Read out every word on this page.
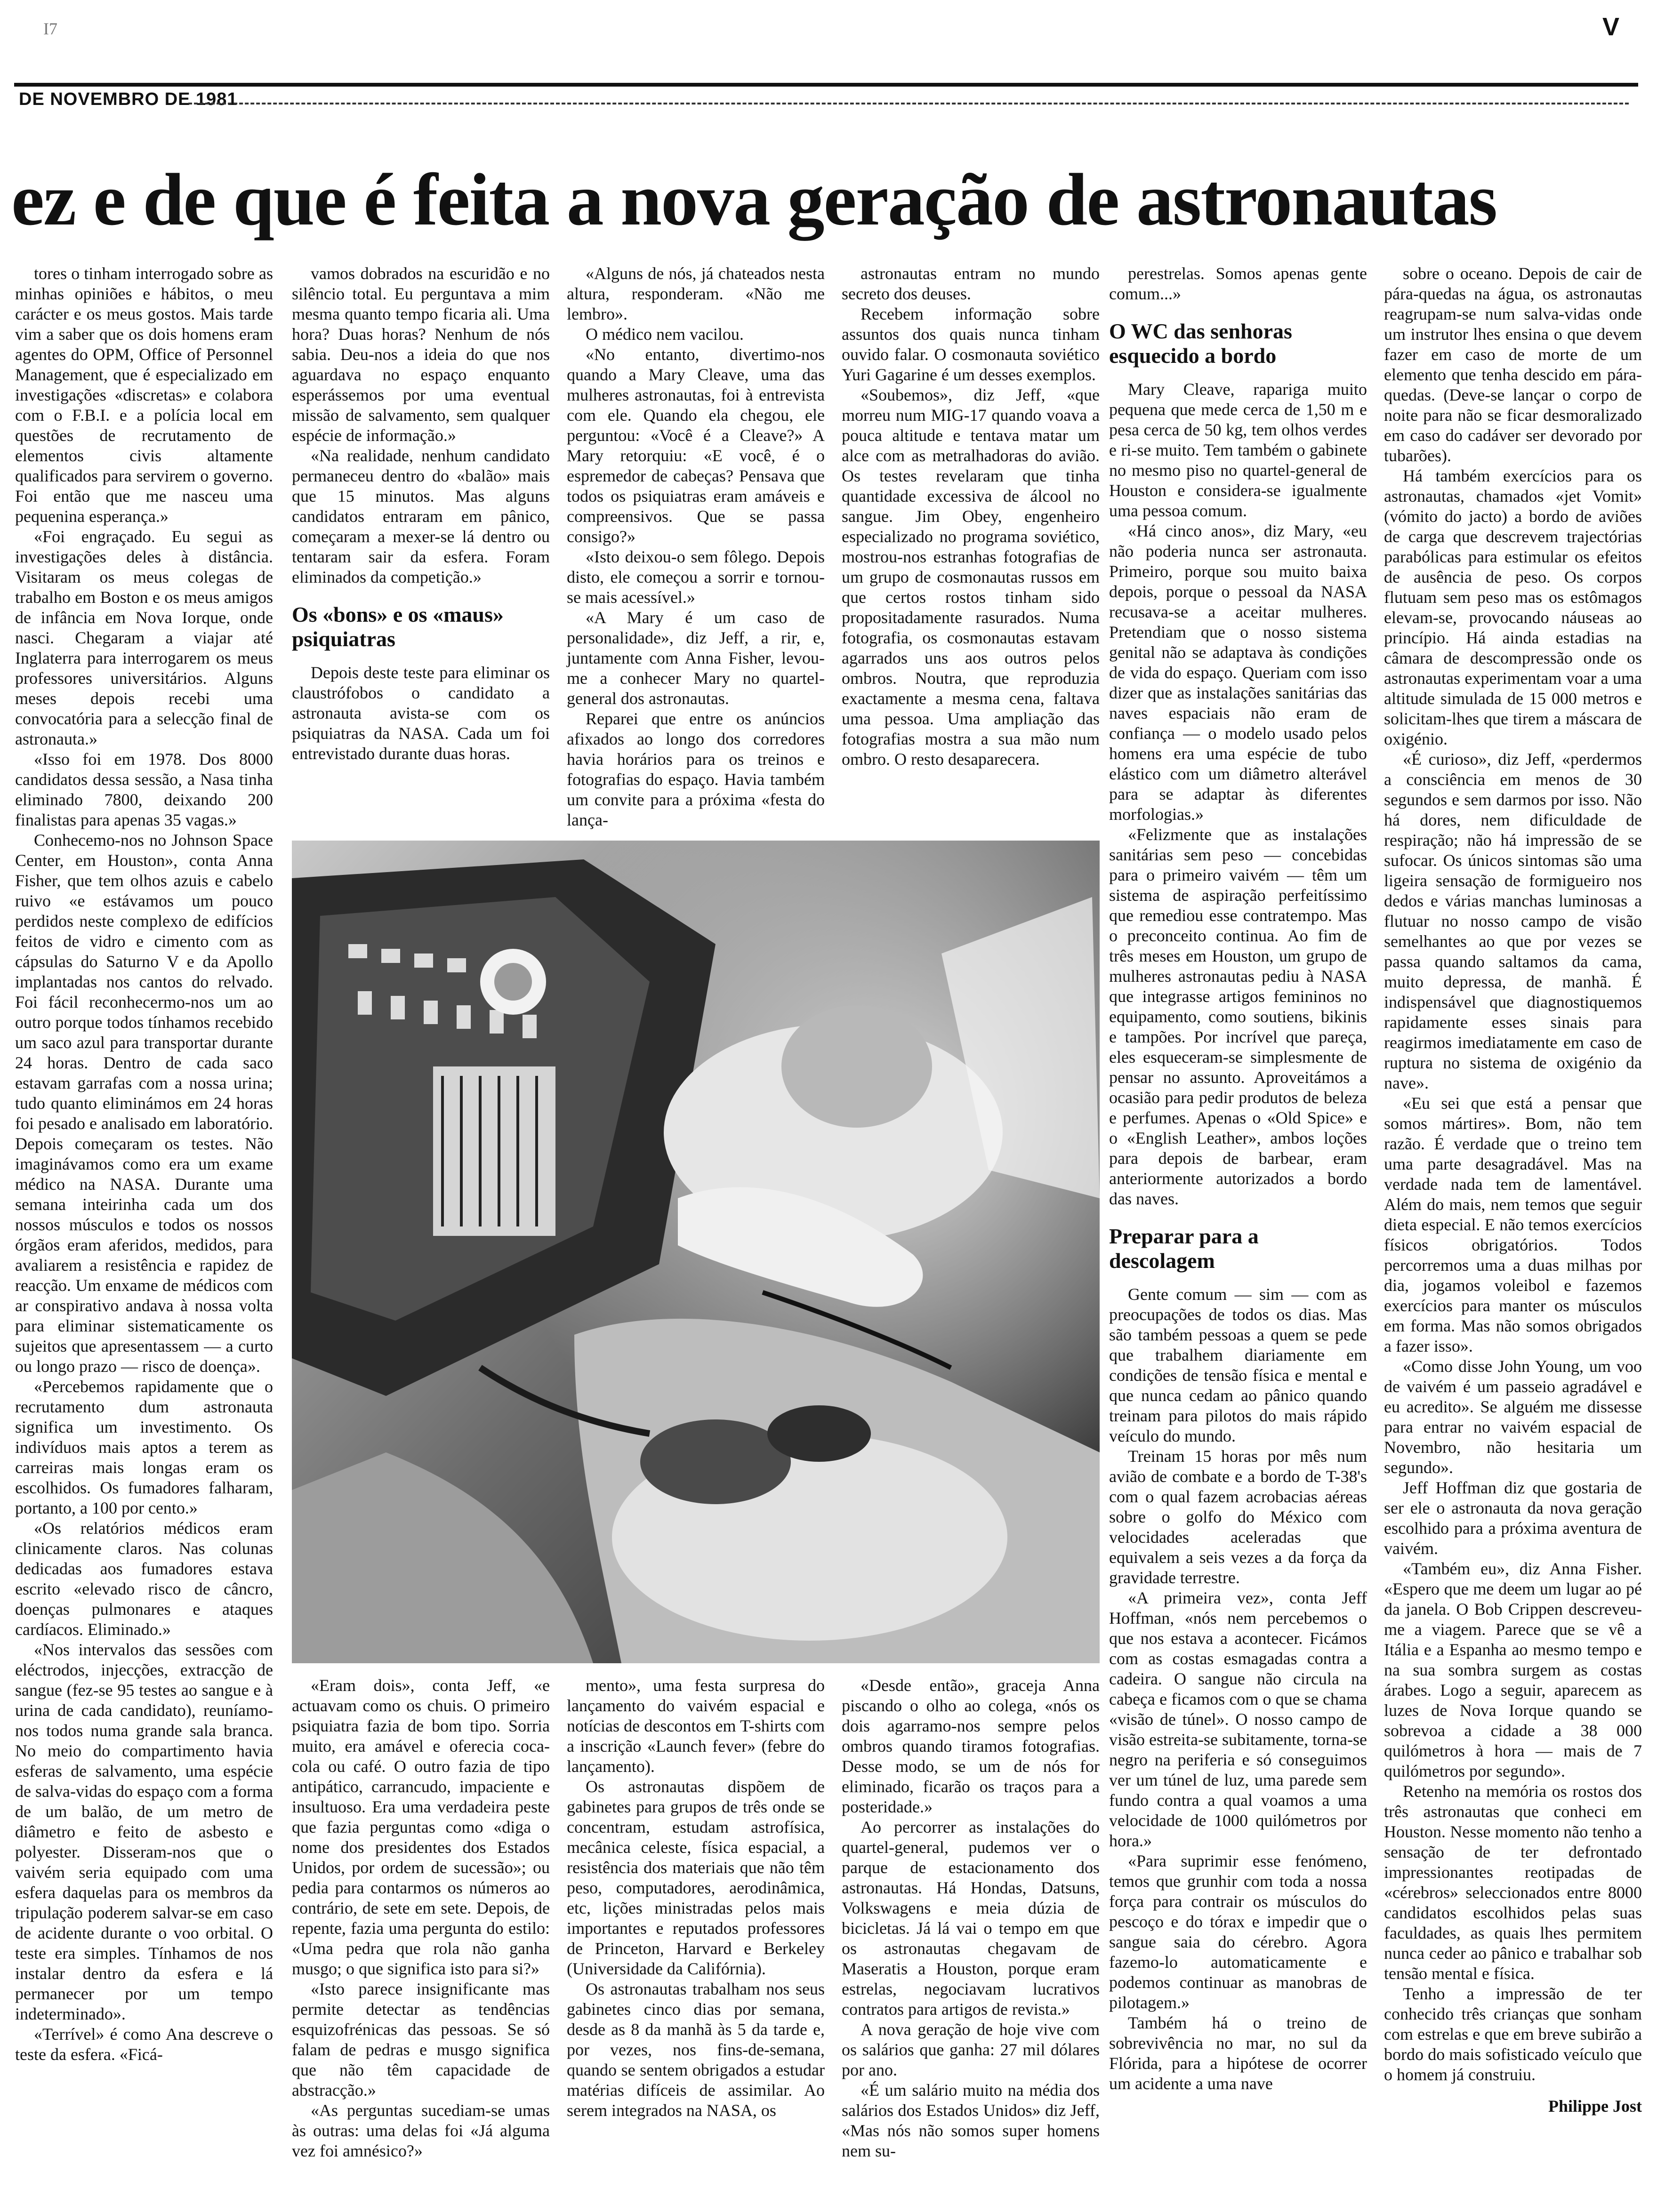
I7	V
DE NOVEMBRO DE 1981
ez e de que é feita a nova geração de astronautas

tores o tinham interrogado sobre as minhas opiniões e hábitos, o meu carácter e os meus gostos. Mais tarde vim a saber que os dois homens eram agentes do OPM, Office of Personnel Management, que é especializado em investigações «discretas» e colabora com o F.B.I. e a polícia local em questões de recrutamento de elementos civis altamente qualificados para servirem o governo. Foi então que me nasceu uma pequenina esperança.»

«Foi engraçado. Eu segui as investigações deles à distância. Visitaram os meus colegas de trabalho em Boston e os meus amigos de infância em Nova Iorque, onde nasci. Chegaram a viajar até Inglaterra para interrogarem os meus professores universitários. Alguns meses depois recebi uma convocatória para a selecção final de astronauta.»

«Isso foi em 1978. Dos 8000 candidatos dessa sessão, a Nasa tinha eliminado 7800, deixando 200 finalistas para apenas 35 vagas.»

Conhecemo-nos no Johnson Space Center, em Houston», conta Anna Fisher, que tem olhos azuis e cabelo ruivo «e estávamos um pouco perdidos neste complexo de edifícios feitos de vidro e cimento com as cápsulas do Saturno V e da Apollo implantadas nos cantos do relvado. Foi fácil reconhecermo-nos um ao outro porque todos tínhamos recebido um saco azul para transportar durante 24 horas. Dentro de cada saco estavam garrafas com a nossa urina; tudo quanto eliminámos em 24 horas foi pesado e analisado em laboratório. Depois começaram os testes. Não imaginávamos como era um exame médico na NASA. Durante uma semana inteirinha cada um dos nossos músculos e todos os nossos órgãos eram aferidos, medidos, para avaliarem a resistência e rapidez de reacção. Um enxame de médicos com ar conspirativo andava à nossa volta para eliminar sistematicamente os sujeitos que apresentassem — a curto ou longo prazo — risco de doença».

«Percebemos rapidamente que o recrutamento dum astronauta significa um investimento. Os indivíduos mais aptos a terem as carreiras mais longas eram os escolhidos. Os fumadores falharam, portanto, a 100 por cento.»

«Os relatórios médicos eram clinicamente claros. Nas colunas dedicadas aos fumadores estava escrito «elevado risco de câncro, doenças pulmonares e ataques cardíacos. Eliminado.»

«Nos intervalos das sessões com eléctrodos, injecções, extracção de sangue (fez-se 95 testes ao sangue e à urina de cada candidato), reuníamo-nos todos numa grande sala branca. No meio do compartimento havia esferas de salvamento, uma espécie de salva-vidas do espaço com a forma de um balão, de um metro de diâmetro e feito de asbesto e polyester. Disseram-nos que o vaivém seria equipado com uma esfera daquelas para os membros da tripulação poderem salvar-se em caso de acidente durante o voo orbital. O teste era simples. Tínhamos de nos instalar dentro da esfera e lá permanecer por um tempo indeterminado».

«Terrível» é como Ana descreve o teste da esfera. «Ficá-

vamos dobrados na escuridão e no silêncio total. Eu perguntava a mim mesma quanto tempo ficaria ali. Uma hora? Duas horas? Nenhum de nós sabia. Deu-nos a ideia do que nos aguardava no espaço enquanto esperássemos por uma eventual missão de salvamento, sem qualquer espécie de informação.»

«Na realidade, nenhum candidato permaneceu dentro do «balão» mais que 15 minutos. Mas alguns candidatos entraram em pânico, começaram a mexer-se lá dentro ou tentaram sair da esfera. Foram eliminados da competição.»

Os «bons» e os «maus» psiquiatras

Depois deste teste para eliminar os claustrófobos o candidato a astronauta avista-se com os psiquiatras da NASA. Cada um foi entrevistado durante duas horas.

«Alguns de nós, já chateados nesta altura, responderam. «Não me lembro».

O médico nem vacilou.

«No entanto, divertimo-nos quando a Mary Cleave, uma das mulheres astronautas, foi à entrevista com ele. Quando ela chegou, ele perguntou: «Você é a Cleave?» A Mary retorquiu: «E você, é o espremedor de cabeças? Pensava que todos os psiquiatras eram amáveis e compreensivos. Que se passa consigo?»

«Isto deixou-o sem fôlego. Depois disto, ele começou a sorrir e tornou-se mais acessível.»

«A Mary é um caso de personalidade», diz Jeff, a rir, e, juntamente com Anna Fisher, levou-me a conhecer Mary no quartel-general dos astronautas.

Reparei que entre os anúncios afixados ao longo dos corredores havia horários para os treinos e fotografias do espaço. Havia também um convite para a próxima «festa do lança-

astronautas entram no mundo secreto dos deuses.

Recebem informação sobre assuntos dos quais nunca tinham ouvido falar. O cosmonauta soviético Yuri Gagarine é um desses exemplos.

«Soubemos», diz Jeff, «que morreu num MIG-17 quando voava a pouca altitude e tentava matar um alce com as metralhadoras do avião. Os testes revelaram que tinha quantidade excessiva de álcool no sangue. Jim Obey, engenheiro especializado no programa soviético, mostrou-nos estranhas fotografias de um grupo de cosmonautas russos em que certos rostos tinham sido propositadamente rasurados. Numa fotografia, os cosmonautas estavam agarrados uns aos outros pelos ombros. Noutra, que reproduzia exactamente a mesma cena, faltava uma pessoa. Uma ampliação das fotografias mostra a sua mão num ombro. O resto desaparecera.

«Eram dois», conta Jeff, «e actuavam como os chuis. O primeiro psiquiatra fazia de bom tipo. Sorria muito, era amável e oferecia coca-cola ou café. O outro fazia de tipo antipático, carrancudo, impaciente e insultuoso. Era uma verdadeira peste que fazia perguntas como «diga o nome dos presidentes dos Estados Unidos, por ordem de sucessão»; ou pedia para contarmos os números ao contrário, de sete em sete. Depois, de repente, fazia uma pergunta do estilo: «Uma pedra que rola não ganha musgo; o que significa isto para si?»

«Isto parece insignificante mas permite detectar as tendências esquizofrénicas das pessoas. Se só falam de pedras e musgo significa que não têm capacidade de abstracção.»

«As perguntas sucediam-se umas às outras: uma delas foi «Já alguma vez foi amnésico?»

mento», uma festa surpresa do lançamento do vaivém espacial e notícias de descontos em T-shirts com a inscrição «Launch fever» (febre do lançamento).

Os astronautas dispõem de gabinetes para grupos de três onde se concentram, estudam astrofísica, mecânica celeste, física espacial, a resistência dos materiais que não têm peso, computadores, aerodinâmica, etc, lições ministradas pelos mais importantes e reputados professores de Princeton, Harvard e Berkeley (Universidade da Califórnia).

Os astronautas trabalham nos seus gabinetes cinco dias por semana, desde as 8 da manhã às 5 da tarde e, por vezes, nos fins-de-semana, quando se sentem obrigados a estudar matérias difíceis de assimilar. Ao serem integrados na NASA, os

«Desde então», graceja Anna piscando o olho ao colega, «nós os dois agarramo-nos sempre pelos ombros quando tiramos fotografias. Desse modo, se um de nós for eliminado, ficarão os traços para a posteridade.»

Ao percorrer as instalações do quartel-general, pudemos ver o parque de estacionamento dos astronautas. Há Hondas, Datsuns, Volkswagens e meia dúzia de bicicletas. Já lá vai o tempo em que os astronautas chegavam de Maseratis a Houston, porque eram estrelas, negociavam lucrativos contratos para artigos de revista.»

A nova geração de hoje vive com os salários que ganha: 27 mil dólares por ano.

«É um salário muito na média dos salários dos Estados Unidos» diz Jeff, «Mas nós não somos super homens nem su-

perestrelas. Somos apenas gente comum...»

O WC das senhoras esquecido a bordo

Mary Cleave, rapariga muito pequena que mede cerca de 1,50 m e pesa cerca de 50 kg, tem olhos verdes e ri-se muito. Tem também o gabinete no mesmo piso no quartel-general de Houston e considera-se igualmente uma pessoa comum.

«Há cinco anos», diz Mary, «eu não poderia nunca ser astronauta. Primeiro, porque sou muito baixa depois, porque o pessoal da NASA recusava-se a aceitar mulheres. Pretendiam que o nosso sistema genital não se adaptava às condições de vida do espaço. Queriam com isso dizer que as instalações sanitárias das naves espaciais não eram de confiança — o modelo usado pelos homens era uma espécie de tubo elástico com um diâmetro alterável para se adaptar às diferentes morfologias.»

«Felizmente que as instalações sanitárias sem peso — concebidas para o primeiro vaivém — têm um sistema de aspiração perfeitíssimo que remediou esse contratempo. Mas o preconceito continua. Ao fim de três meses em Houston, um grupo de mulheres astronautas pediu à NASA que integrasse artigos femininos no equipamento, como soutiens, bikinis e tampões. Por incrível que pareça, eles esqueceram-se simplesmente de pensar no assunto. Aproveitámos a ocasião para pedir produtos de beleza e perfumes. Apenas o «Old Spice» e o «English Leather», ambos loções para depois de barbear, eram anteriormente autorizados a bordo das naves.

Preparar para a descolagem

Gente comum — sim — com as preocupações de todos os dias. Mas são também pessoas a quem se pede que trabalhem diariamente em condições de tensão física e mental e que nunca cedam ao pânico quando treinam para pilotos do mais rápido veículo do mundo.

Treinam 15 horas por mês num avião de combate e a bordo de T-38's com o qual fazem acrobacias aéreas sobre o golfo do México com velocidades aceleradas que equivalem a seis vezes a da força da gravidade terrestre.

«A primeira vez», conta Jeff Hoffman, «nós nem percebemos o que nos estava a acontecer. Ficámos com as costas esmagadas contra a cadeira. O sangue não circula na cabeça e ficamos com o que se chama «visão de túnel». O nosso campo de visão estreita-se subitamente, torna-se negro na periferia e só conseguimos ver um túnel de luz, uma parede sem fundo contra a qual voamos a uma velocidade de 1000 quilómetros por hora.»

«Para suprimir esse fenómeno, temos que grunhir com toda a nossa força para contrair os músculos do pescoço e do tórax e impedir que o sangue saia do cérebro. Agora fazemo-lo automaticamente e podemos continuar as manobras de pilotagem.»

Também há o treino de sobrevivência no mar, no sul da Flórida, para a hipótese de ocorrer um acidente a uma nave

sobre o oceano. Depois de cair de pára-quedas na água, os astronautas reagrupam-se num salva-vidas onde um instrutor lhes ensina o que devem fazer em caso de morte de um elemento que tenha descido em pára-quedas. (Deve-se lançar o corpo de noite para não se ficar desmoralizado em caso do cadáver ser devorado por tubarões).

Há também exercícios para os astronautas, chamados «jet Vomit» (vómito do jacto) a bordo de aviões de carga que descrevem trajectórias parabólicas para estimular os efeitos de ausência de peso. Os corpos flutuam sem peso mas os estômagos elevam-se, provocando náuseas ao princípio. Há ainda estadias na câmara de descompressão onde os astronautas experimentam voar a uma altitude simulada de 15 000 metros e solicitam-lhes que tirem a máscara de oxigénio.

«É curioso», diz Jeff, «perdermos a consciência em menos de 30 segundos e sem darmos por isso. Não há dores, nem dificuldade de respiração; não há impressão de se sufocar. Os únicos sintomas são uma ligeira sensação de formigueiro nos dedos e várias manchas luminosas a flutuar no nosso campo de visão semelhantes ao que por vezes se passa quando saltamos da cama, muito depressa, de manhã. É indispensável que diagnostiquemos rapidamente esses sinais para reagirmos imediatamente em caso de ruptura no sistema de oxigénio da nave».

«Eu sei que está a pensar que somos mártires». Bom, não tem razão. É verdade que o treino tem uma parte desagradável. Mas na verdade nada tem de lamentável. Além do mais, nem temos que seguir dieta especial. E não temos exercícios físicos obrigatórios. Todos percorremos uma a duas milhas por dia, jogamos voleibol e fazemos exercícios para manter os músculos em forma. Mas não somos obrigados a fazer isso».

«Como disse John Young, um voo de vaivém é um passeio agradável e eu acredito». Se alguém me dissesse para entrar no vaivém espacial de Novembro, não hesitaria um segundo».

Jeff Hoffman diz que gostaria de ser ele o astronauta da nova geração escolhido para a próxima aventura de vaivém.

«Também eu», diz Anna Fisher. «Espero que me deem um lugar ao pé da janela. O Bob Crippen descreveu-me a viagem. Parece que se vê a Itália e a Espanha ao mesmo tempo e na sua sombra surgem as costas árabes. Logo a seguir, aparecem as luzes de Nova Iorque quando se sobrevoa a cidade a 38 000 quilómetros à hora — mais de 7 quilómetros por segundo».

Retenho na memória os rostos dos três astronautas que conheci em Houston. Nesse momento não tenho a sensação de ter defrontado impressionantes reotipadas de «cérebros» seleccionados entre 8000 candidatos escolhidos pelas suas faculdades, as quais lhes permitem nunca ceder ao pânico e trabalhar sob tensão mental e física.

Tenho a impressão de ter conhecido três crianças que sonham com estrelas e que em breve subirão a bordo do mais sofisticado veículo que o homem já construiu.

Philippe Jost
